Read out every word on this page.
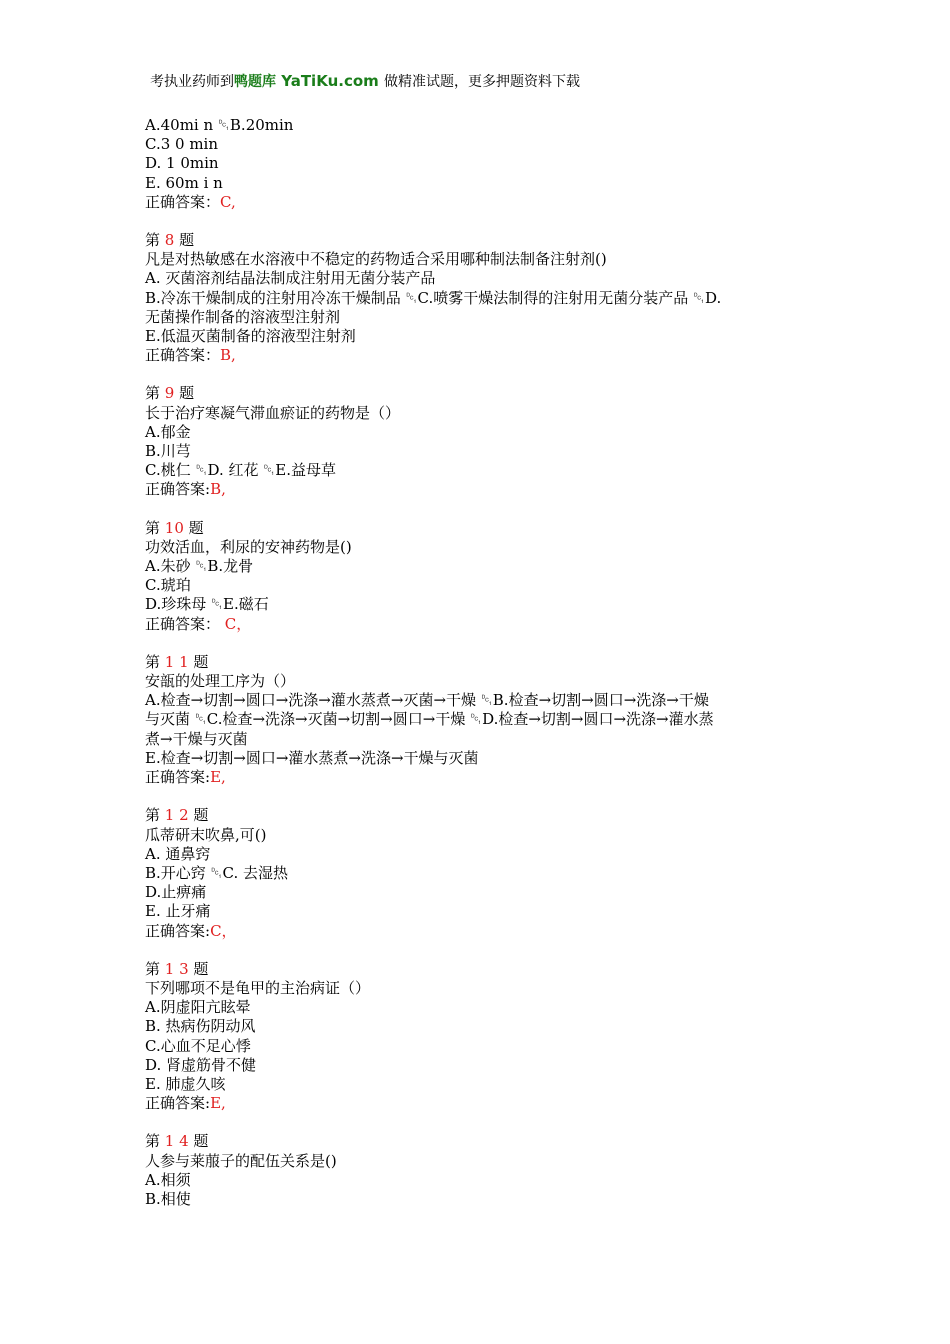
考执业药师到鸭题库 YaTiKu.com 做精准试题，更多押题资料下载

A.40mi n ␑B.20min

C.3 0 min

D. 1 0min

E. 60m i n

正确答案：C,

第 8 题

凡是对热敏感在水溶液中不稳定的药物适合采用哪种制法制备注射剂()

A. 灭菌溶剂结晶法制成注射用无菌分装产品

B.冷冻干燥制成的注射用冷冻干燥制品 ␑C.喷雾干燥法制得的注射用无菌分装产品 ␑D.

无菌操作制备的溶液型注射剂

E.低温灭菌制备的溶液型注射剂

正确答案：B,

第 9 题

长于治疗寒凝气滞血瘀证的药物是（）

A.郁金

B.川芎

C.桃仁 ␑D. 红花 ␑E.益母草

正确答案:B,

第 10 题

功效活血，利尿的安神药物是()

A.朱砂 ␑B.龙骨

C.琥珀

D.珍珠母 ␑E.磁石

正确答案： C，

第 1 1 题

安瓿的处理工序为（）

A.检查→切割→圆口→洗涤→灌水蒸煮→灭菌→干燥 ␑B.检查→切割→圆口→洗涤→干燥

与灭菌 ␑C.检查→洗涤→灭菌→切割→圆口→干燥 ␑D.检查→切割→圆口→洗涤→灌水蒸

煮→干燥与灭菌

E.检查→切割→圆口→灌水蒸煮→洗涤→干燥与灭菌

正确答案:E,

第 1 2 题

瓜蒂研末吹鼻,可()

A. 通鼻窍

B.开心窍 ␑C. 去湿热

D.止痹痛

E. 止牙痛

正确答案:C，

第 1 3 题

下列哪项不是龟甲的主治病证（）

A.阴虚阳亢眩晕

B. 热病伤阴动风

C.心血不足心悸

D. 肾虚筋骨不健

E. 肺虚久咳

正确答案:E,

第 1 4 题

人参与莱菔子的配伍关系是()

A.相须

B.相使
